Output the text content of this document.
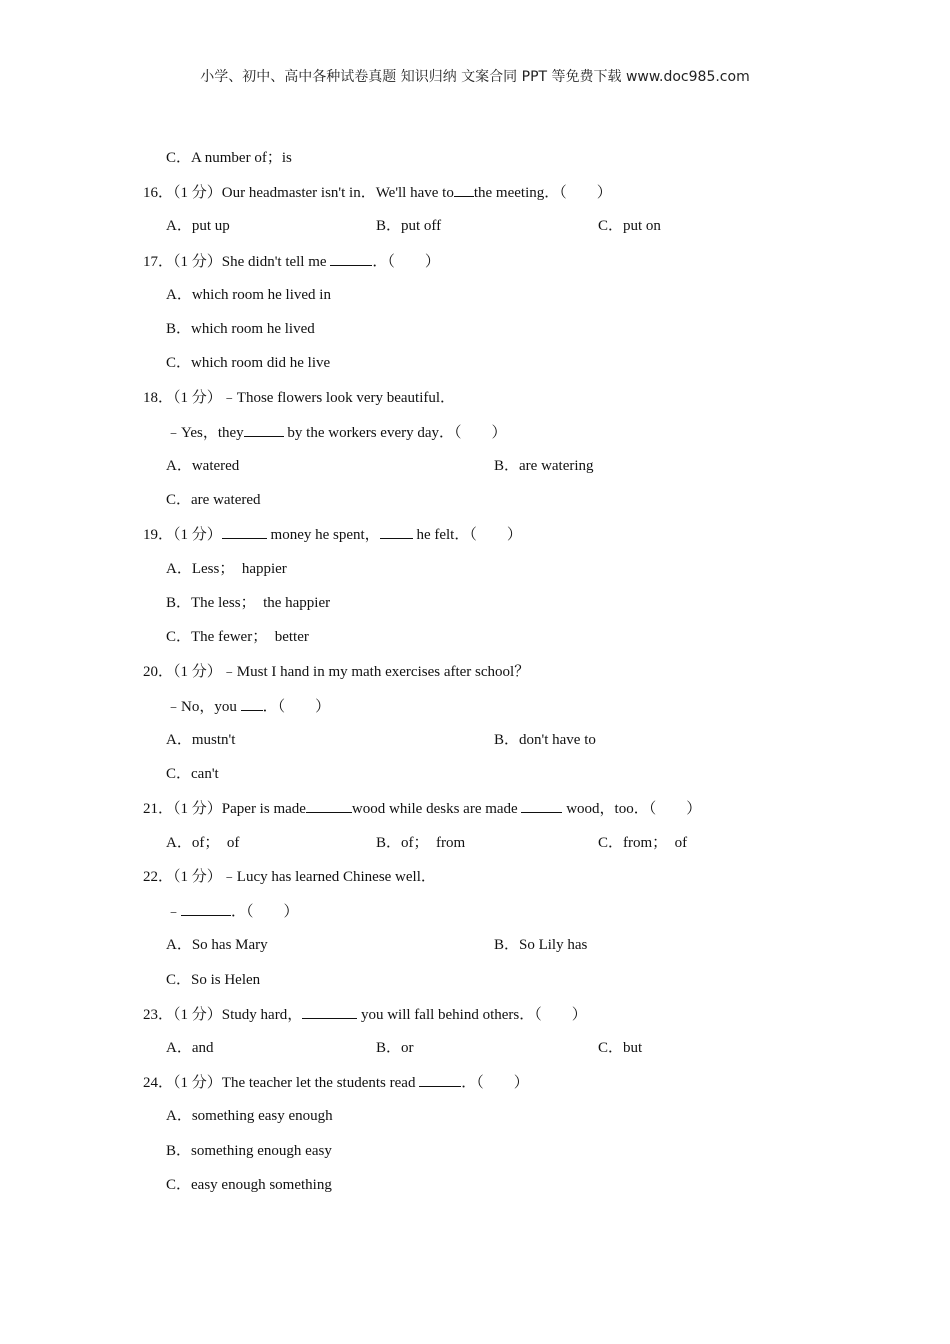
小学、初中、高中各种试卷真题 知识归纳 文案合同 PPT 等免费下载 www.doc985.com
C．A number of；is
16．（1 分）Our headmaster isn't in．We'll have to the meeting．（　　）
A．put up	B．put off	C．put on
17．（1 分）She didn't tell me	．（　　）
A．which room he lived in
B．which room he lived
C．which room did he live
18．（1 分）﹣Those flowers look very beautiful．
﹣Yes，they	by the workers every day．（　　）
A．watered	B．are watering
C．are watered
19．（1 分）	money he spent， he felt．（　　）
A．Less；  happier
B．The less；  the happier
C．The fewer；  better
20．（1 分）﹣Must I hand in my math exercises after school？
﹣No，you ．（　　）
A．mustn't	B．don't have to
C．can't
21．（1 分）Paper is made	wood while desks are made	wood，too．（　　）
A．of；  of	B．of；  from	C．from；  of
22．（1 分）﹣Lucy has learned Chinese well．
﹣	．（　　）
A．So has Mary	B．So Lily has
C．So is Helen
23．（1 分）Study hard，	you will fall behind others．（　　）
A．and	B．or	C．but
24．（1 分）The teacher let the students read	．（　　）
A．something easy enough
B．something enough easy
C．easy enough something
